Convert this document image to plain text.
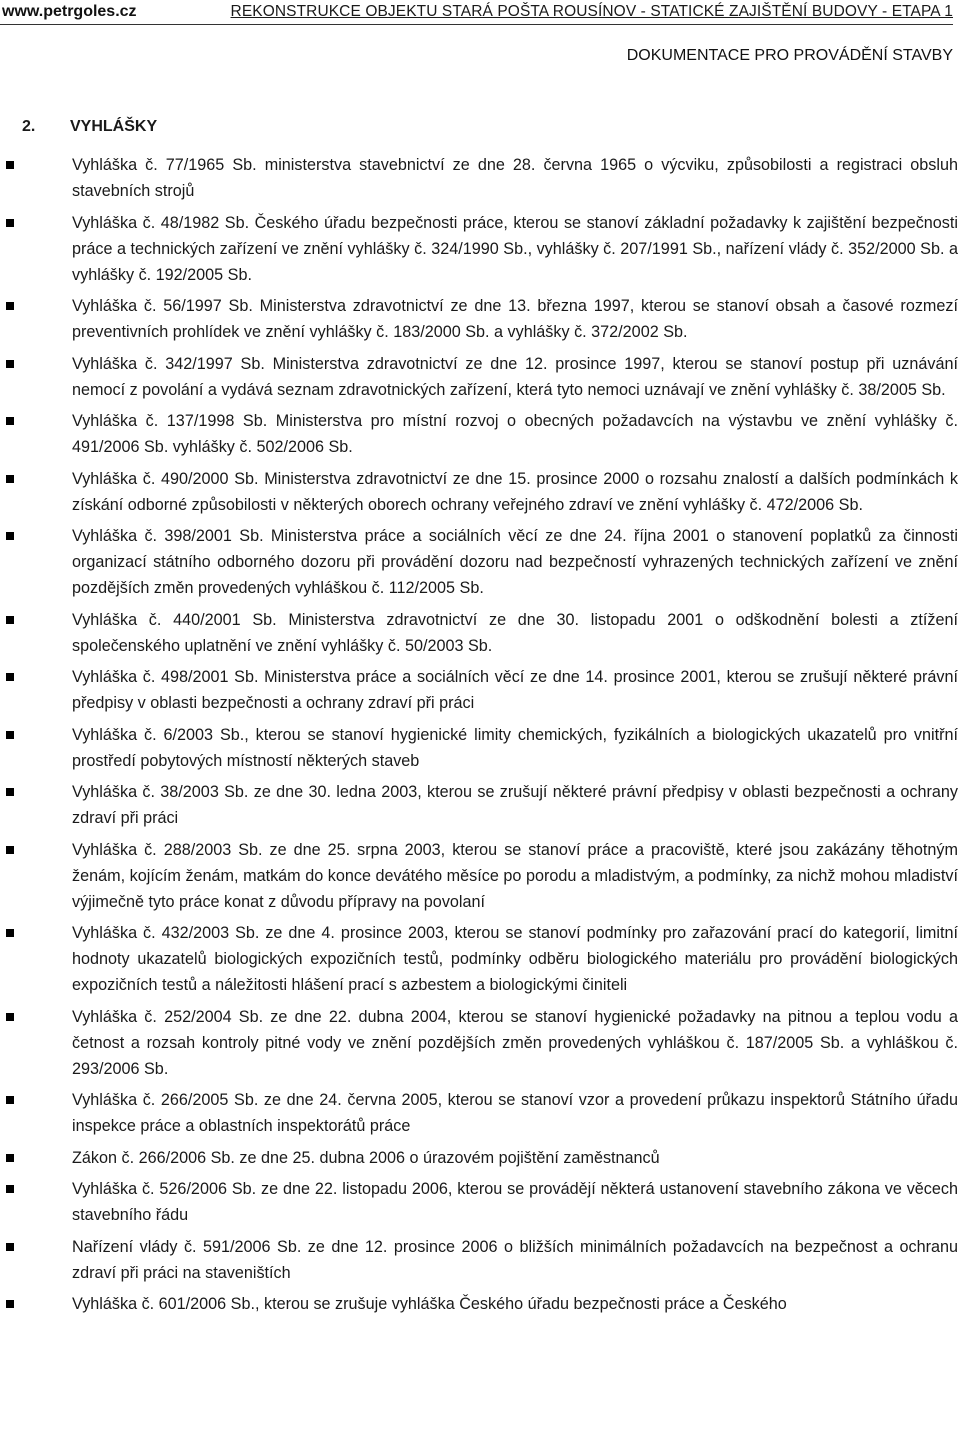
www.petrgoles.cz	REKONSTRUKCE OBJEKTU STARÁ POŠTA ROUSÍNOV - STATICKÉ ZAJIŠTĚNÍ BUDOVY - ETAPA 1
DOKUMENTACE PRO PROVÁDĚNÍ STAVBY
2. VYHLÁŠKY
Vyhláška č. 77/1965 Sb. ministerstva stavebnictví ze dne 28. června 1965 o výcviku, způsobilosti a registraci obsluh stavebních strojů
Vyhláška č. 48/1982 Sb. Českého úřadu bezpečnosti práce, kterou se stanoví základní požadavky k zajištění bezpečnosti práce a technických zařízení ve znění vyhlášky č. 324/1990 Sb., vyhlášky č. 207/1991 Sb., nařízení vlády č. 352/2000 Sb. a vyhlášky č. 192/2005 Sb.
Vyhláška č. 56/1997 Sb. Ministerstva zdravotnictví ze dne 13. března 1997, kterou se stanoví obsah a časové rozmezí preventivních prohlídek ve znění vyhlášky č. 183/2000 Sb. a vyhlášky č. 372/2002 Sb.
Vyhláška č. 342/1997 Sb. Ministerstva zdravotnictví ze dne 12. prosince 1997, kterou se stanoví postup při uznávání nemocí z povolání a vydává seznam zdravotnických zařízení, která tyto nemoci uznávají ve znění vyhlášky č. 38/2005 Sb.
Vyhláška č. 137/1998 Sb. Ministerstva pro místní rozvoj o obecných požadavcích na výstavbu ve znění vyhlášky č. 491/2006 Sb. vyhlášky č. 502/2006 Sb.
Vyhláška č. 490/2000 Sb. Ministerstva zdravotnictví ze dne 15. prosince 2000 o rozsahu znalostí a dalších podmínkách k získání odborné způsobilosti v některých oborech ochrany veřejného zdraví ve znění vyhlášky č. 472/2006 Sb.
Vyhláška č. 398/2001 Sb. Ministerstva práce a sociálních věcí ze dne 24. října 2001 o stanovení poplatků za činnosti organizací státního odborného dozoru při provádění dozoru nad bezpečností vyhrazených technických zařízení ve znění pozdějších změn provedených vyhláškou č. 112/2005 Sb.
Vyhláška č. 440/2001 Sb. Ministerstva zdravotnictví ze dne 30. listopadu 2001 o odškodnění bolesti a ztížení společenského uplatnění ve znění vyhlášky č. 50/2003 Sb.
Vyhláška č. 498/2001 Sb. Ministerstva práce a sociálních věcí ze dne 14. prosince 2001, kterou se zrušují některé právní předpisy v oblasti bezpečnosti a ochrany zdraví při práci
Vyhláška č. 6/2003 Sb., kterou se stanoví hygienické limity chemických, fyzikálních a biologických ukazatelů pro vnitřní prostředí pobytových místností některých staveb
Vyhláška č. 38/2003 Sb. ze dne 30. ledna 2003, kterou se zrušují některé právní předpisy v oblasti bezpečnosti a ochrany zdraví při práci
Vyhláška č. 288/2003 Sb. ze dne 25. srpna 2003, kterou se stanoví práce a pracoviště, které jsou zakázány těhotným ženám, kojícím ženám, matkám do konce devátého měsíce po porodu a mladistvým, a podmínky, za nichž mohou mladiství výjimečně tyto práce konat z důvodu přípravy na povolaní
Vyhláška č. 432/2003 Sb. ze dne 4. prosince 2003, kterou se stanoví podmínky pro zařazování prací do kategorií, limitní hodnoty ukazatelů biologických expozičních testů, podmínky odběru biologického materiálu pro provádění biologických expozičních testů a náležitosti hlášení prací s azbestem a biologickými činiteli
Vyhláška č. 252/2004 Sb. ze dne 22. dubna 2004, kterou se stanoví hygienické požadavky na pitnou a teplou vodu a četnost a rozsah kontroly pitné vody ve znění pozdějších změn provedených vyhláškou č. 187/2005 Sb. a vyhláškou č. 293/2006 Sb.
Vyhláška č. 266/2005 Sb. ze dne 24. června 2005, kterou se stanoví vzor a provedení průkazu inspektorů Státního úřadu inspekce práce a oblastních inspektorátů práce
Zákon č. 266/2006 Sb. ze dne 25. dubna 2006 o úrazovém pojištění zaměstnanců
Vyhláška č. 526/2006 Sb. ze dne 22. listopadu 2006, kterou se provádějí některá ustanovení stavebního zákona ve věcech stavebního řádu
Nařízení vlády č. 591/2006 Sb. ze dne 12. prosince 2006 o bližších minimálních požadavcích na bezpečnost a ochranu zdraví při práci na staveništích
Vyhláška č. 601/2006 Sb., kterou se zrušuje vyhláška Českého úřadu bezpečnosti práce a Českého
